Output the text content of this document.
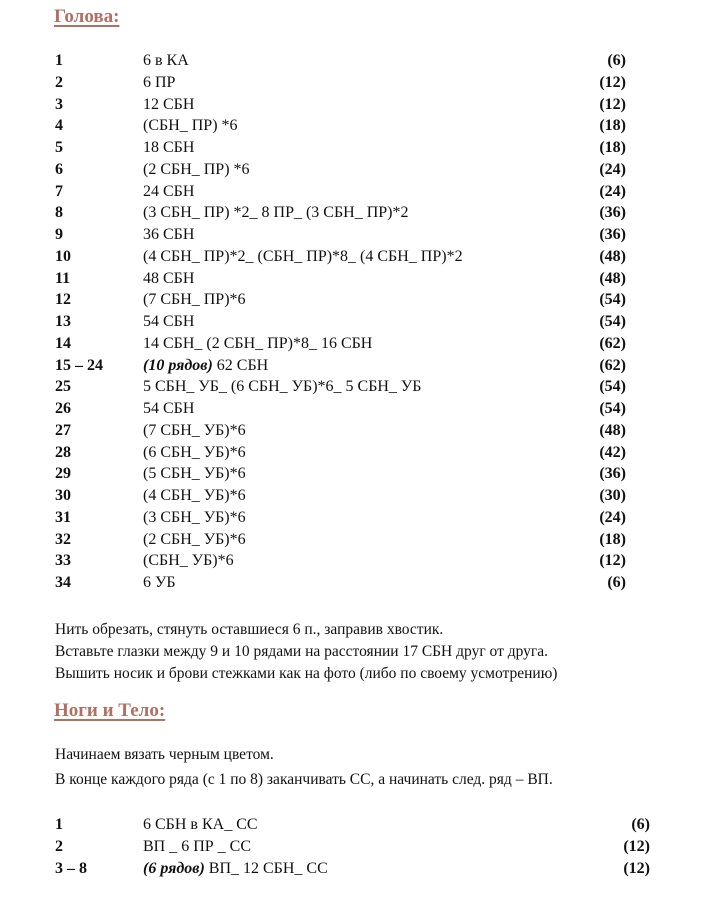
Голова:
1	6 в КА	(6)
2	6 ПР	(12)
3	12 СБН	(12)
4	(СБН_ ПР) *6	(18)
5	18 СБН	(18)
6	(2 СБН_ ПР) *6	(24)
7	24 СБН	(24)
8	(3 СБН_ ПР) *2_ 8 ПР_ (3 СБН_ ПР)*2	(36)
9	36 СБН	(36)
10	(4 СБН_ ПР)*2_ (СБН_ ПР)*8_ (4 СБН_ ПР)*2	(48)
11	48 СБН	(48)
12	(7 СБН_ ПР)*6	(54)
13	54 СБН	(54)
14	14 СБН_ (2 СБН_ ПР)*8_ 16 СБН	(62)
15 – 24	(10 рядов) 62 СБН	(62)
25	5 СБН_ УБ_ (6 СБН_ УБ)*6_ 5 СБН_ УБ	(54)
26	54 СБН	(54)
27	(7 СБН_ УБ)*6	(48)
28	(6 СБН_ УБ)*6	(42)
29	(5 СБН_ УБ)*6	(36)
30	(4 СБН_ УБ)*6	(30)
31	(3 СБН_ УБ)*6	(24)
32	(2 СБН_ УБ)*6	(18)
33	(СБН_ УБ)*6	(12)
34	6 УБ	(6)
Нить обрезать, стянуть оставшиеся 6 п., заправив хвостик.
Вставьте глазки между 9 и 10 рядами на расстоянии 17 СБН друг от друга.
Вышить носик и брови стежками как на фото (либо по своему усмотрению)
Ноги и Тело:
Начинаем вязать черным цветом.
В конце каждого ряда (с 1 по 8) заканчивать СС, а начинать след. ряд – ВП.
1	6 СБН в КА_ СС	(6)
2	ВП _ 6 ПР _ СС	(12)
3 – 8	(6 рядов) ВП_ 12 СБН_ СС	(12)
